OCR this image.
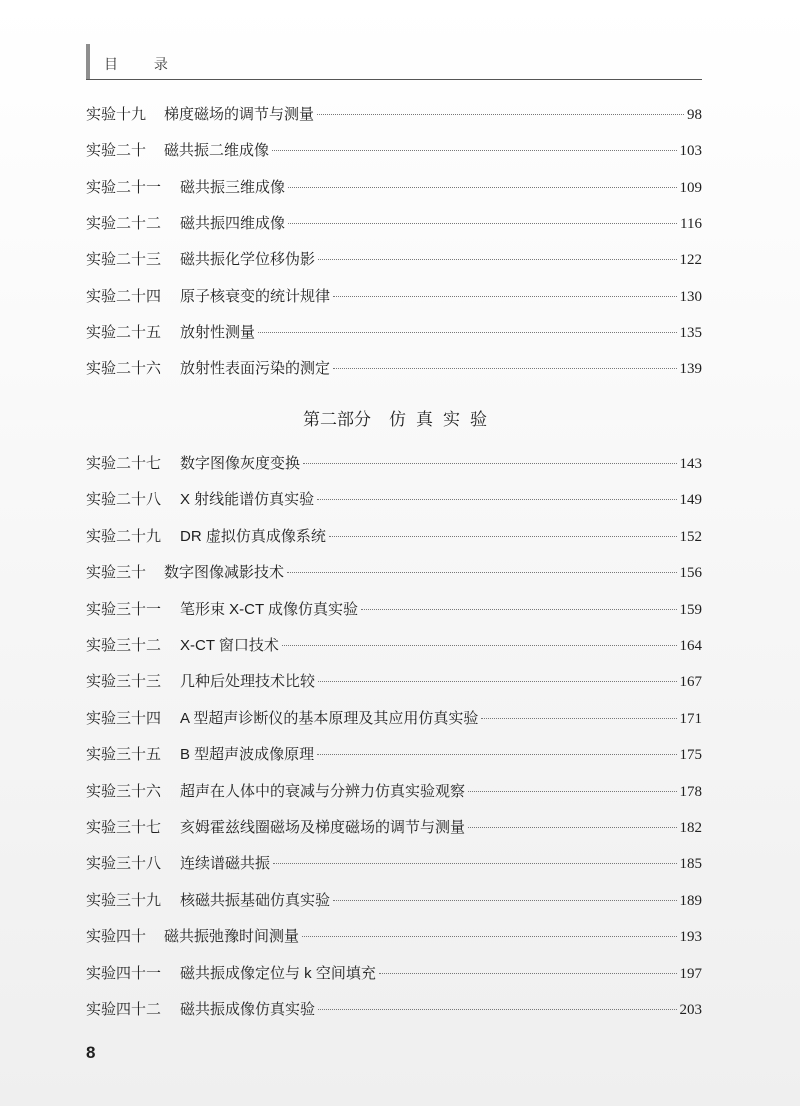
目 录
实验十九	梯度磁场的调节与测量	98
实验二十	磁共振二维成像	103
实验二十一	磁共振三维成像	109
实验二十二	磁共振四维成像	116
实验二十三	磁共振化学位移伪影	122
实验二十四	原子核衰变的统计规律	130
实验二十五	放射性测量	135
实验二十六	放射性表面污染的测定	139
第二部分 仿真实验
实验二十七	数字图像灰度变换	143
实验二十八	X 射线能谱仿真实验	149
实验二十九	DR 虚拟仿真成像系统	152
实验三十	数字图像减影技术	156
实验三十一	笔形束 X-CT 成像仿真实验	159
实验三十二	X-CT 窗口技术	164
实验三十三	几种后处理技术比较	167
实验三十四	A 型超声诊断仪的基本原理及其应用仿真实验	171
实验三十五	B 型超声波成像原理	175
实验三十六	超声在人体中的衰减与分辨力仿真实验观察	178
实验三十七	亥姆霍兹线圈磁场及梯度磁场的调节与测量	182
实验三十八	连续谱磁共振	185
实验三十九	核磁共振基础仿真实验	189
实验四十	磁共振弛豫时间测量	193
实验四十一	磁共振成像定位与 k 空间填充	197
实验四十二	磁共振成像仿真实验	203
8
